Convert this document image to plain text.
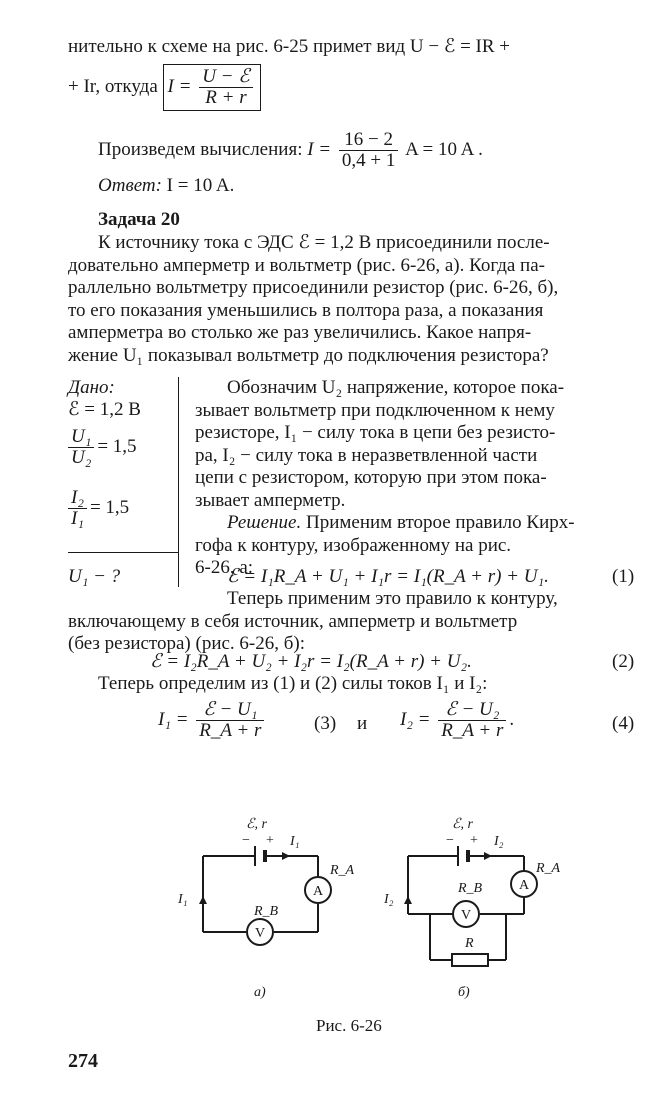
нительно к схеме на рис. 6-25 примет вид U − ℰ = IR +
+ Ir, откуда $I = \frac{\text{U − ℰ}}{R + r}$
Произведем вычисления: $I = \frac{16 - 2}{0,4 + 1}$ A = 10 A .
Ответ: I = 10 A.
Задача 20
К источнику тока с ЭДС ℰ = 1,2 В присоединили после-
довательно амперметр и вольтметр (рис. 6-26, а). Когда па-
раллельно вольтметру присоединили резистор (рис. 6-26, б),
то его показания уменьшились в полтора раза, а показания
амперметра во столько же раз увеличились. Какое напря-
жение U₁ показывал вольтметр до подключения резистора?
Дано:
ℰ = 1,2 В
$\frac{\text{U₁}}{\text{U₂}} = 1,5$
$\frac{\text{I₂}}{\text{I₁}} = 1,5$
U₁ − ?
Обозначим U₂ напряжение, которое пока-
зывает вольтметр при подключенном к нему
резисторе, I₁ − силу тока в цепи без резисто-
ра, I₂ − силу тока в неразветвленной части
цепи с резистором, которую при этом пока-
зывает амперметр.
Решение. Применим второе правило Кирх-
гофа к контуру, изображенному на рис.
6-26, а:
ℰ = I₁R_A + U₁ + I₁r = I₁(R_A + r) + U₁.	(1)
Теперь применим это правило к контуру,
включающему в себя источник, амперметр и вольтметр
(без резистора) (рис. 6-26, б):
ℰ = I₂R_A + U₂ + I₂r = I₂(R_A + r) + U₂.	(2)
Теперь определим из (1) и (2) силы токов I₁ и I₂:
$I_1 = \frac{\text{ℰ − U₁}}{R\_A + r}$	(3) и $I_2 = \frac{\text{ℰ − U₂}}{R\_A + r}$ .	(4)
ℰ, r
− + I₁
I₁
R_A
A
R_B
V
а)
ℰ, r
− + I₂
I₂
R_A
A
R_B
V
R
б)
Рис. 6-26
274
